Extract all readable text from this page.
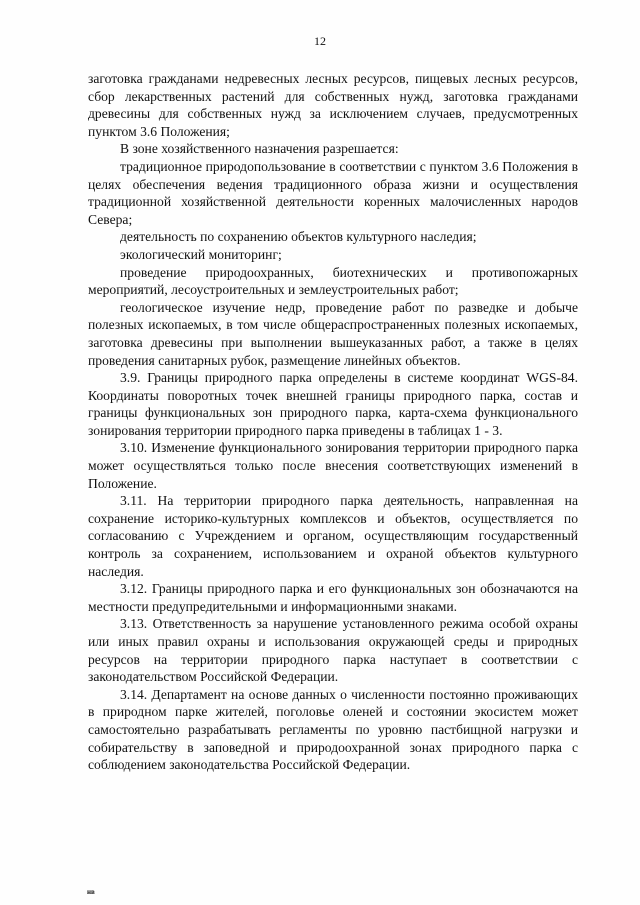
12

заготовка гражданами недревесных лесных ресурсов, пищевых лесных ресурсов, сбор лекарственных растений для собственных нужд, заготовка гражданами древесины для собственных нужд за исключением случаев, предусмотренных пунктом 3.6 Положения;

В зоне хозяйственного назначения разрешается:

традиционное природопользование в соответствии с пунктом 3.6 Положения в целях обеспечения ведения традиционного образа жизни и осуществления традиционной хозяйственной деятельности коренных малочисленных народов Севера;

деятельность по сохранению объектов культурного наследия;

экологический мониторинг;

проведение природоохранных, биотехнических и противопожарных мероприятий, лесоустроительных и землеустроительных работ;

геологическое изучение недр, проведение работ по разведке и добыче полезных ископаемых, в том числе общераспространенных полезных ископаемых, заготовка древесины при выполнении вышеуказанных работ, а также в целях проведения санитарных рубок, размещение линейных объектов.

3.9. Границы природного парка определены в системе координат WGS-84. Координаты поворотных точек внешней границы природного парка, состав и границы функциональных зон природного парка, карта-схема функционального зонирования территории природного парка приведены в таблицах 1 - 3.

3.10. Изменение функционального зонирования территории природного парка может осуществляться только после внесения соответствующих изменений в Положение.

3.11. На территории природного парка деятельность, направленная на сохранение историко-культурных комплексов и объектов, осуществляется по согласованию с Учреждением и органом, осуществляющим государственный контроль за сохранением, использованием и охраной объектов культурного наследия.

3.12. Границы природного парка и его функциональных зон обозначаются на местности предупредительными и информационными знаками.

3.13. Ответственность за нарушение установленного режима особой охраны или иных правил охраны и использования окружающей среды и природных ресурсов на территории природного парка наступает в соответствии с законодательством Российской Федерации.

3.14. Департамент на основе данных о численности постоянно проживающих в природном парке жителей, поголовье оленей и состоянии экосистем может самостоятельно разрабатывать регламенты по уровню пастбищной нагрузки и собирательству в заповедной и природоохранной зонах природного парка с соблюдением законодательства Российской Федерации.

нв
